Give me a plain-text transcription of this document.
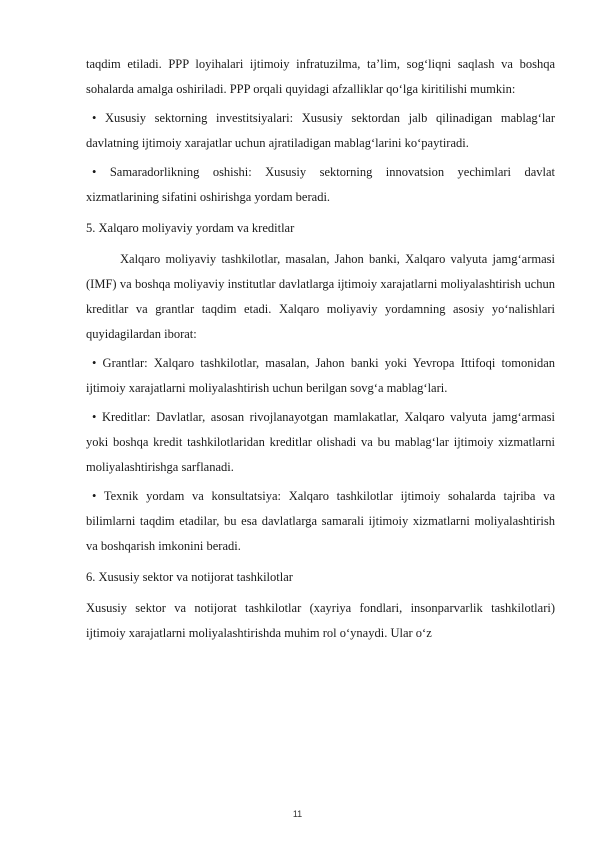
taqdim etiladi. PPP loyihalari ijtimoiy infratuzilma, ta’lim, sog‘liqni saqlash va boshqa sohalarda amalga oshiriladi. PPP orqali quyidagi afzalliklar qo‘lga kiritilishi mumkin:

• Xususiy sektorning investitsiyalari: Xususiy sektordan jalb qilinadigan mablag‘lar davlatning ijtimoiy xarajatlar uchun ajratiladigan mablag‘larini ko‘paytiradi.

• Samaradorlikning oshishi: Xususiy sektorning innovatsion yechimlari davlat xizmatlarining sifatini oshirishga yordam beradi.

5. Xalqaro moliyaviy yordam va kreditlar

Xalqaro moliyaviy tashkilotlar, masalan, Jahon banki, Xalqaro valyuta jamg‘armasi (IMF) va boshqa moliyaviy institutlar davlatlarga ijtimoiy xarajatlarni moliyalashtirish uchun kreditlar va grantlar taqdim etadi. Xalqaro moliyaviy yordamning asosiy yo‘nalishlari quyidagilardan iborat:

• Grantlar: Xalqaro tashkilotlar, masalan, Jahon banki yoki Yevropa Ittifoqi tomonidan ijtimoiy xarajatlarni moliyalashtirish uchun berilgan sovg‘a mablag‘lari.

• Kreditlar: Davlatlar, asosan rivojlanayotgan mamlakatlar, Xalqaro valyuta jamg‘armasi yoki boshqa kredit tashkilotlaridan kreditlar olishadi va bu mablag‘lar ijtimoiy xizmatlarni moliyalashtirishga sarflanadi.

• Texnik yordam va konsultatsiya: Xalqaro tashkilotlar ijtimoiy sohalarda tajriba va bilimlarni taqdim etadilar, bu esa davlatlarga samarali ijtimoiy xizmatlarni moliyalashtirish va boshqarish imkonini beradi.

6. Xususiy sektor va notijorat tashkilotlar

Xususiy sektor va notijorat tashkilotlar (xayriya fondlari, insonparvarlik tashkilotlari) ijtimoiy xarajatlarni moliyalashtirishda muhim rol o‘ynaydi. Ular o‘z

11
